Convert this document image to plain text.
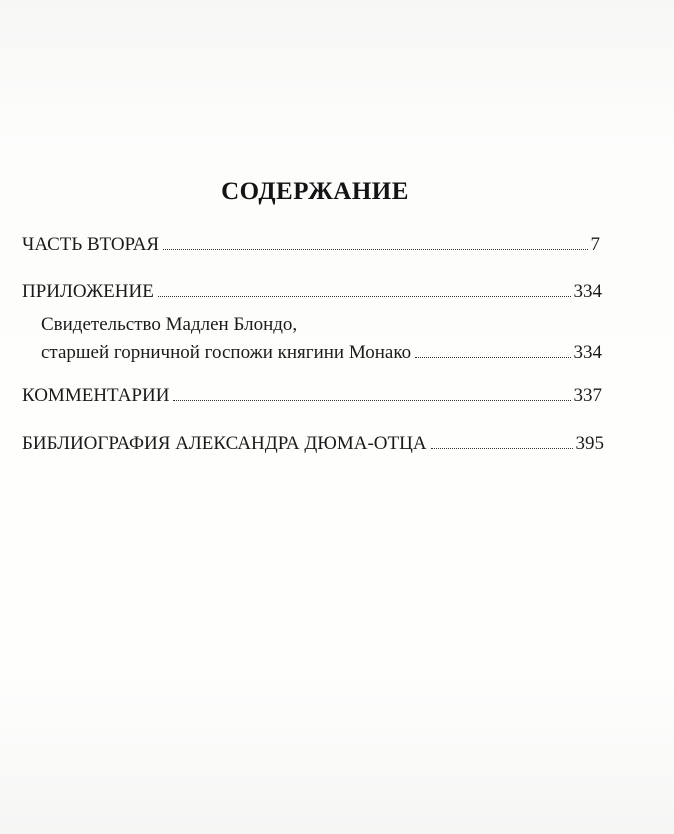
СОДЕРЖАНИЕ
ЧАСТЬ ВТОРАЯ	7
ПРИЛОЖЕНИЕ	334
Свидетельство Мадлен Блондо,
старшей горничной госпожи княгини Монако	334
КОММЕНТАРИИ	337
БИБЛИОГРАФИЯ АЛЕКСАНДРА ДЮМА-ОТЦА	395
